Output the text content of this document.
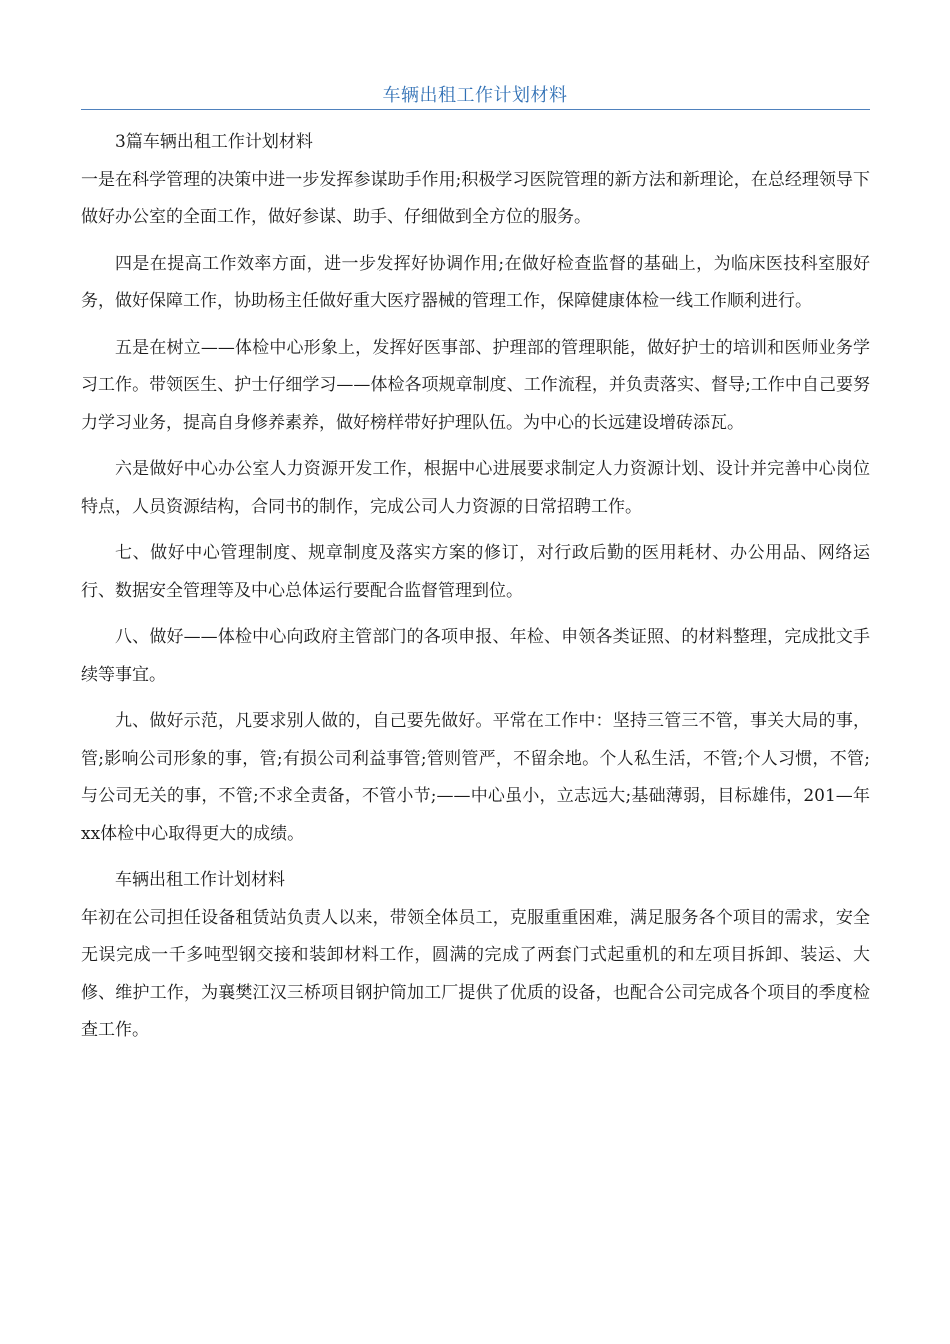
车辆出租工作计划材料

3篇车辆出租工作计划材料

一是在科学管理的决策中进一步发挥参谋助手作用;积极学习医院管理的新方法和新理论，在总经理领导下做好办公室的全面工作，做好参谋、助手、仔细做到全方位的服务。

四是在提高工作效率方面，进一步发挥好协调作用;在做好检查监督的基础上，为临床医技科室服好务，做好保障工作，协助杨主任做好重大医疗器械的管理工作，保障健康体检一线工作顺利进行。

五是在树立——体检中心形象上，发挥好医事部、护理部的管理职能，做好护士的培训和医师业务学习工作。带领医生、护士仔细学习——体检各项规章制度、工作流程，并负责落实、督导;工作中自己要努力学习业务，提高自身修养素养，做好榜样带好护理队伍。为中心的长远建设增砖添瓦。

六是做好中心办公室人力资源开发工作，根据中心进展要求制定人力资源计划、设计并完善中心岗位特点，人员资源结构，合同书的制作，完成公司人力资源的日常招聘工作。

七、做好中心管理制度、规章制度及落实方案的修订，对行政后勤的医用耗材、办公用品、网络运行、数据安全管理等及中心总体运行要配合监督管理到位。

八、做好——体检中心向政府主管部门的各项申报、年检、申领各类证照、的材料整理，完成批文手续等事宜。

九、做好示范，凡要求别人做的，自己要先做好。平常在工作中：坚持三管三不管，事关大局的事，管;影响公司形象的事，管;有损公司利益事管;管则管严，不留余地。个人私生活，不管;个人习惯，不管;与公司无关的事，不管;不求全责备，不管小节;——中心虽小，立志远大;基础薄弱，目标雄伟，201—年xx体检中心取得更大的成绩。

车辆出租工作计划材料

年初在公司担任设备租赁站负责人以来，带领全体员工，克服重重困难，满足服务各个项目的需求，安全无误完成一千多吨型钢交接和装卸材料工作，圆满的完成了两套门式起重机的和左项目拆卸、装运、大修、维护工作，为襄樊江汉三桥项目钢护筒加工厂提供了优质的设备，也配合公司完成各个项目的季度检查工作。
